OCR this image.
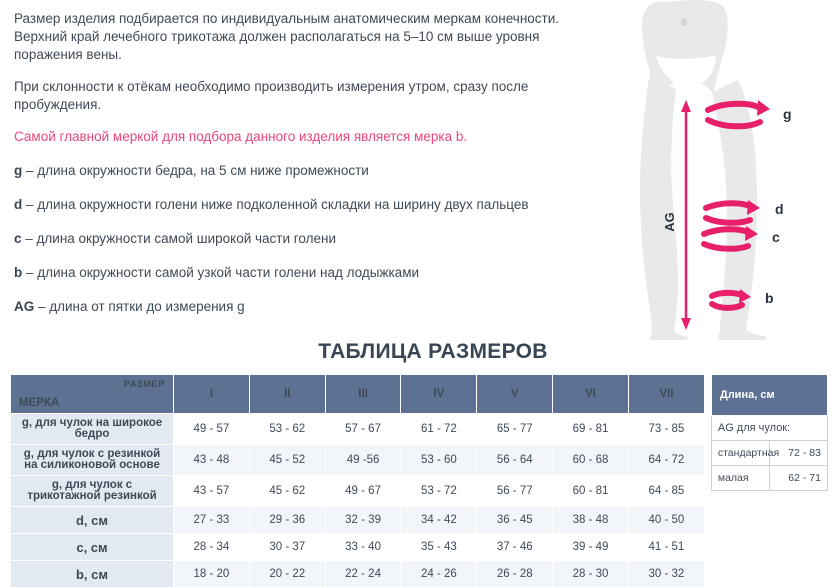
Размер изделия подбирается по индивидуальным анатомическим меркам конечности. Верхний край лечебного трикотажа должен располагаться на 5–10 см выше уровня поражения вены.
При склонности к отёкам необходимо производить измерения утром, сразу после пробуждения.
Самой главной меркой для подбора данного изделия является мерка b.
g – длина окружности бедра, на 5 см ниже промежности
d – длина окружности голени ниже подколенной складки на ширину двух пальцев
c – длина окружности самой широкой части голени
b – длина окружности самой узкой части голени над лодыжками
AG – длина от пятки до измерения g
AG
g
d
c
b
ТАБЛИЦА РАЗМЕРОВ
РАЗМЕР
МЕРКА	I	II	III	IV	V	VI	VII
g, для чулок на широкое бедро	49 - 57	53 - 62	57 - 67	61 - 72	65 - 77	69 - 81	73 - 85
g, для чулок с резинкой на силиконовой основе	43 - 48	45 - 52	49 -56	53 - 60	56 - 64	60 - 68	64 - 72
g, для чулок с трикотажной резинкой	43 - 57	45 - 62	49 - 67	53 - 72	56 - 77	60 - 81	64 - 85
d, см	27 - 33	29 - 36	32 - 39	34 - 42	36 - 45	38 - 48	40 - 50
c, см	28 - 34	30 - 37	33 - 40	35 - 43	37 - 46	39 - 49	41 - 51
b, см	18 - 20	20 - 22	22 - 24	24 - 26	26 - 28	28 - 30	30 - 32
Длина, см	
AG для чулок:	
стандартная	72 - 83
малая	62 - 71
